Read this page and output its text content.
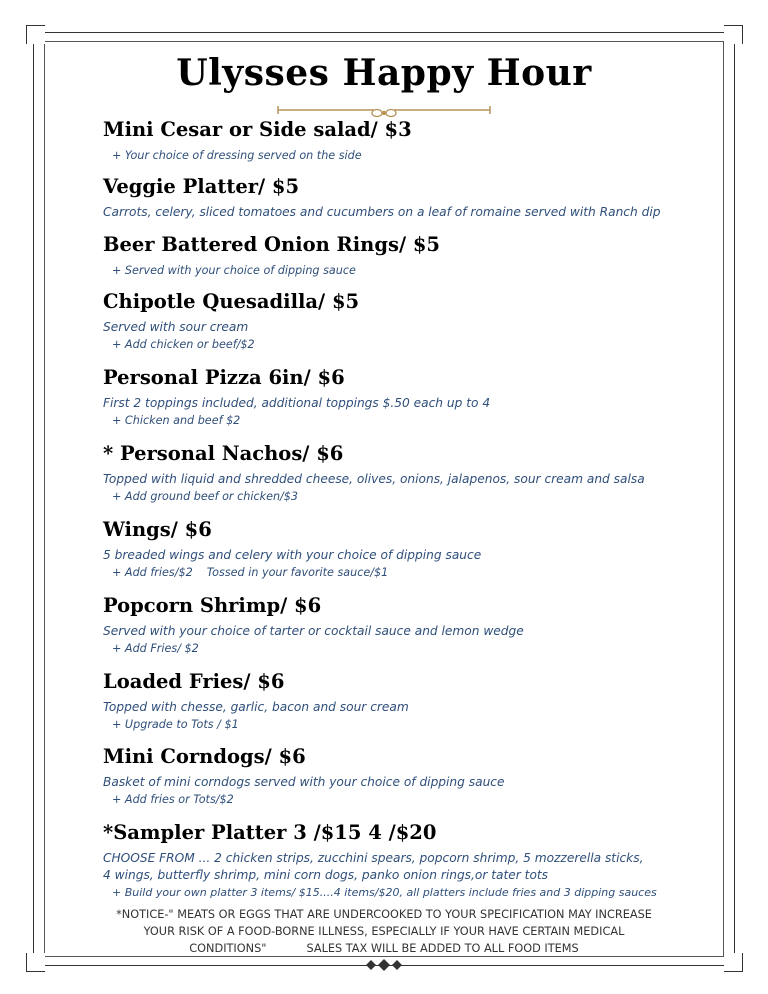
Ulysses Happy Hour
Mini Cesar or Side salad/ $3
+ Your choice of dressing served on the side
Veggie Platter/ $5
Carrots, celery, sliced tomatoes and cucumbers on a leaf of romaine served with Ranch dip
Beer Battered Onion Rings/ $5
+ Served with your choice of dipping sauce
Chipotle Quesadilla/ $5
Served with sour cream
+ Add chicken or beef/$2
Personal Pizza 6in/ $6
First 2 toppings included, additional toppings $.50 each up to 4
+ Chicken and beef $2
* Personal Nachos/ $6
Topped with liquid and shredded cheese, olives, onions, jalapenos, sour cream and salsa
+ Add ground beef or chicken/$3
Wings/ $6
5 breaded wings and celery with your choice of dipping sauce
+ Add fries/$2 Tossed in your favorite sauce/$1
Popcorn Shrimp/ $6
Served with your choice of tarter or cocktail sauce and lemon wedge
+ Add Fries/ $2
Loaded Fries/ $6
Topped with chesse, garlic, bacon and sour cream
+ Upgrade to Tots / $1
Mini Corndogs/ $6
Basket of mini corndogs served with your choice of dipping sauce
+ Add fries or Tots/$2
*Sampler Platter 3 /$15 4 /$20
CHOOSE FROM ... 2 chicken strips, zucchini spears, popcorn shrimp, 5 mozzerella sticks,
4 wings, butterfly shrimp, mini corn dogs, panko onion rings,or tater tots
+ Build your own platter 3 items/ $15....4 items/$20, all platters include fries and 3 dipping sauces
*NOTICE-" MEATS OR EGGS THAT ARE UNDERCOOKED TO YOUR SPECIFICATION MAY INCREASE
YOUR RISK OF A FOOD-BORNE ILLNESS, ESPECIALLY IF YOUR HAVE CERTAIN MEDICAL
CONDITIONS"	SALES TAX WILL BE ADDED TO ALL FOOD ITEMS
